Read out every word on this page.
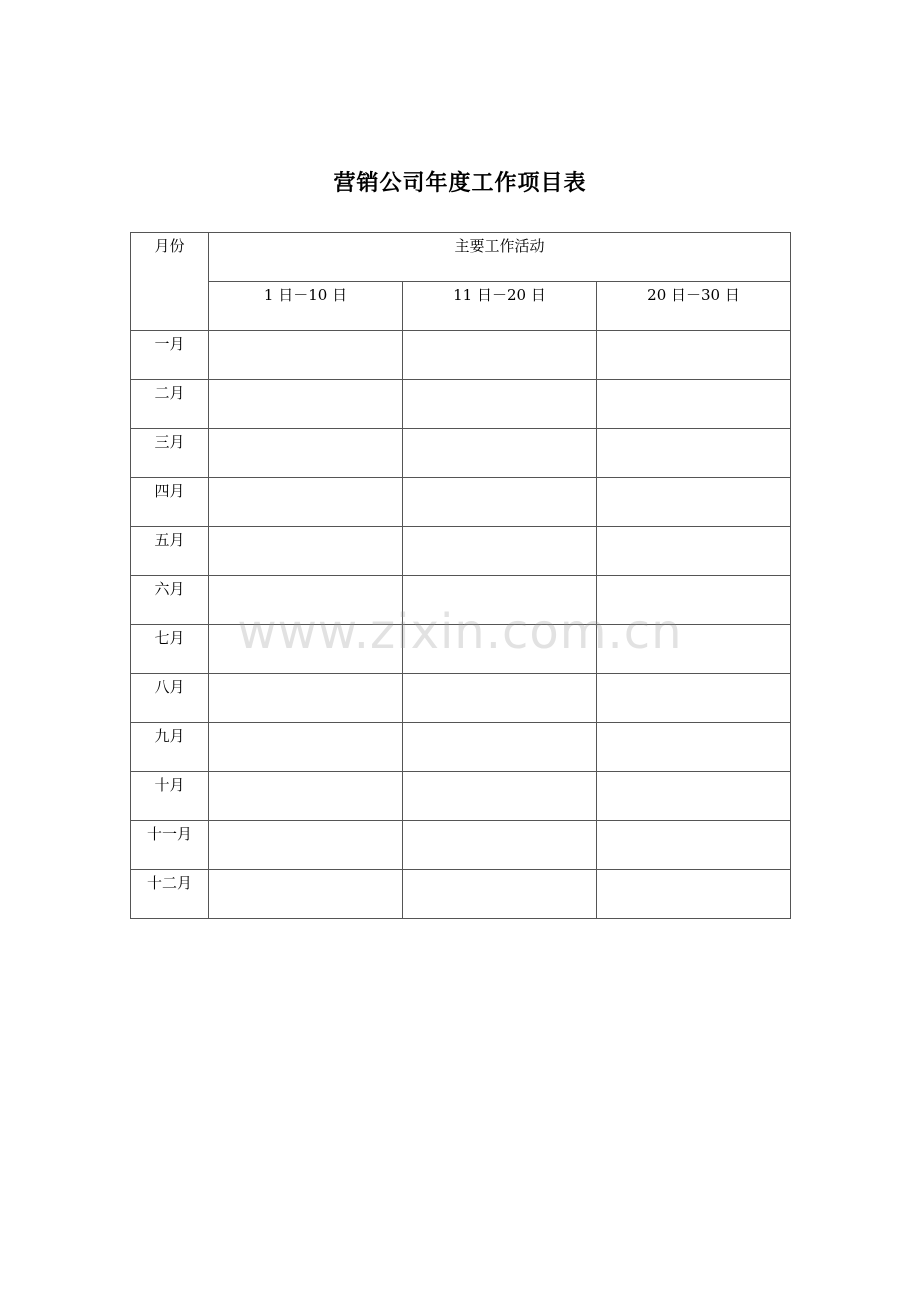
营销公司年度工作项目表
月份	主要工作活动		

	1 日－10 日	11 日－20 日	20 日－30 日

一月			

二月			

三月			

四月			

五月			

六月			

七月			

八月			

九月			

十月			

十一月			

十二月			

www.zixin.com.cn
